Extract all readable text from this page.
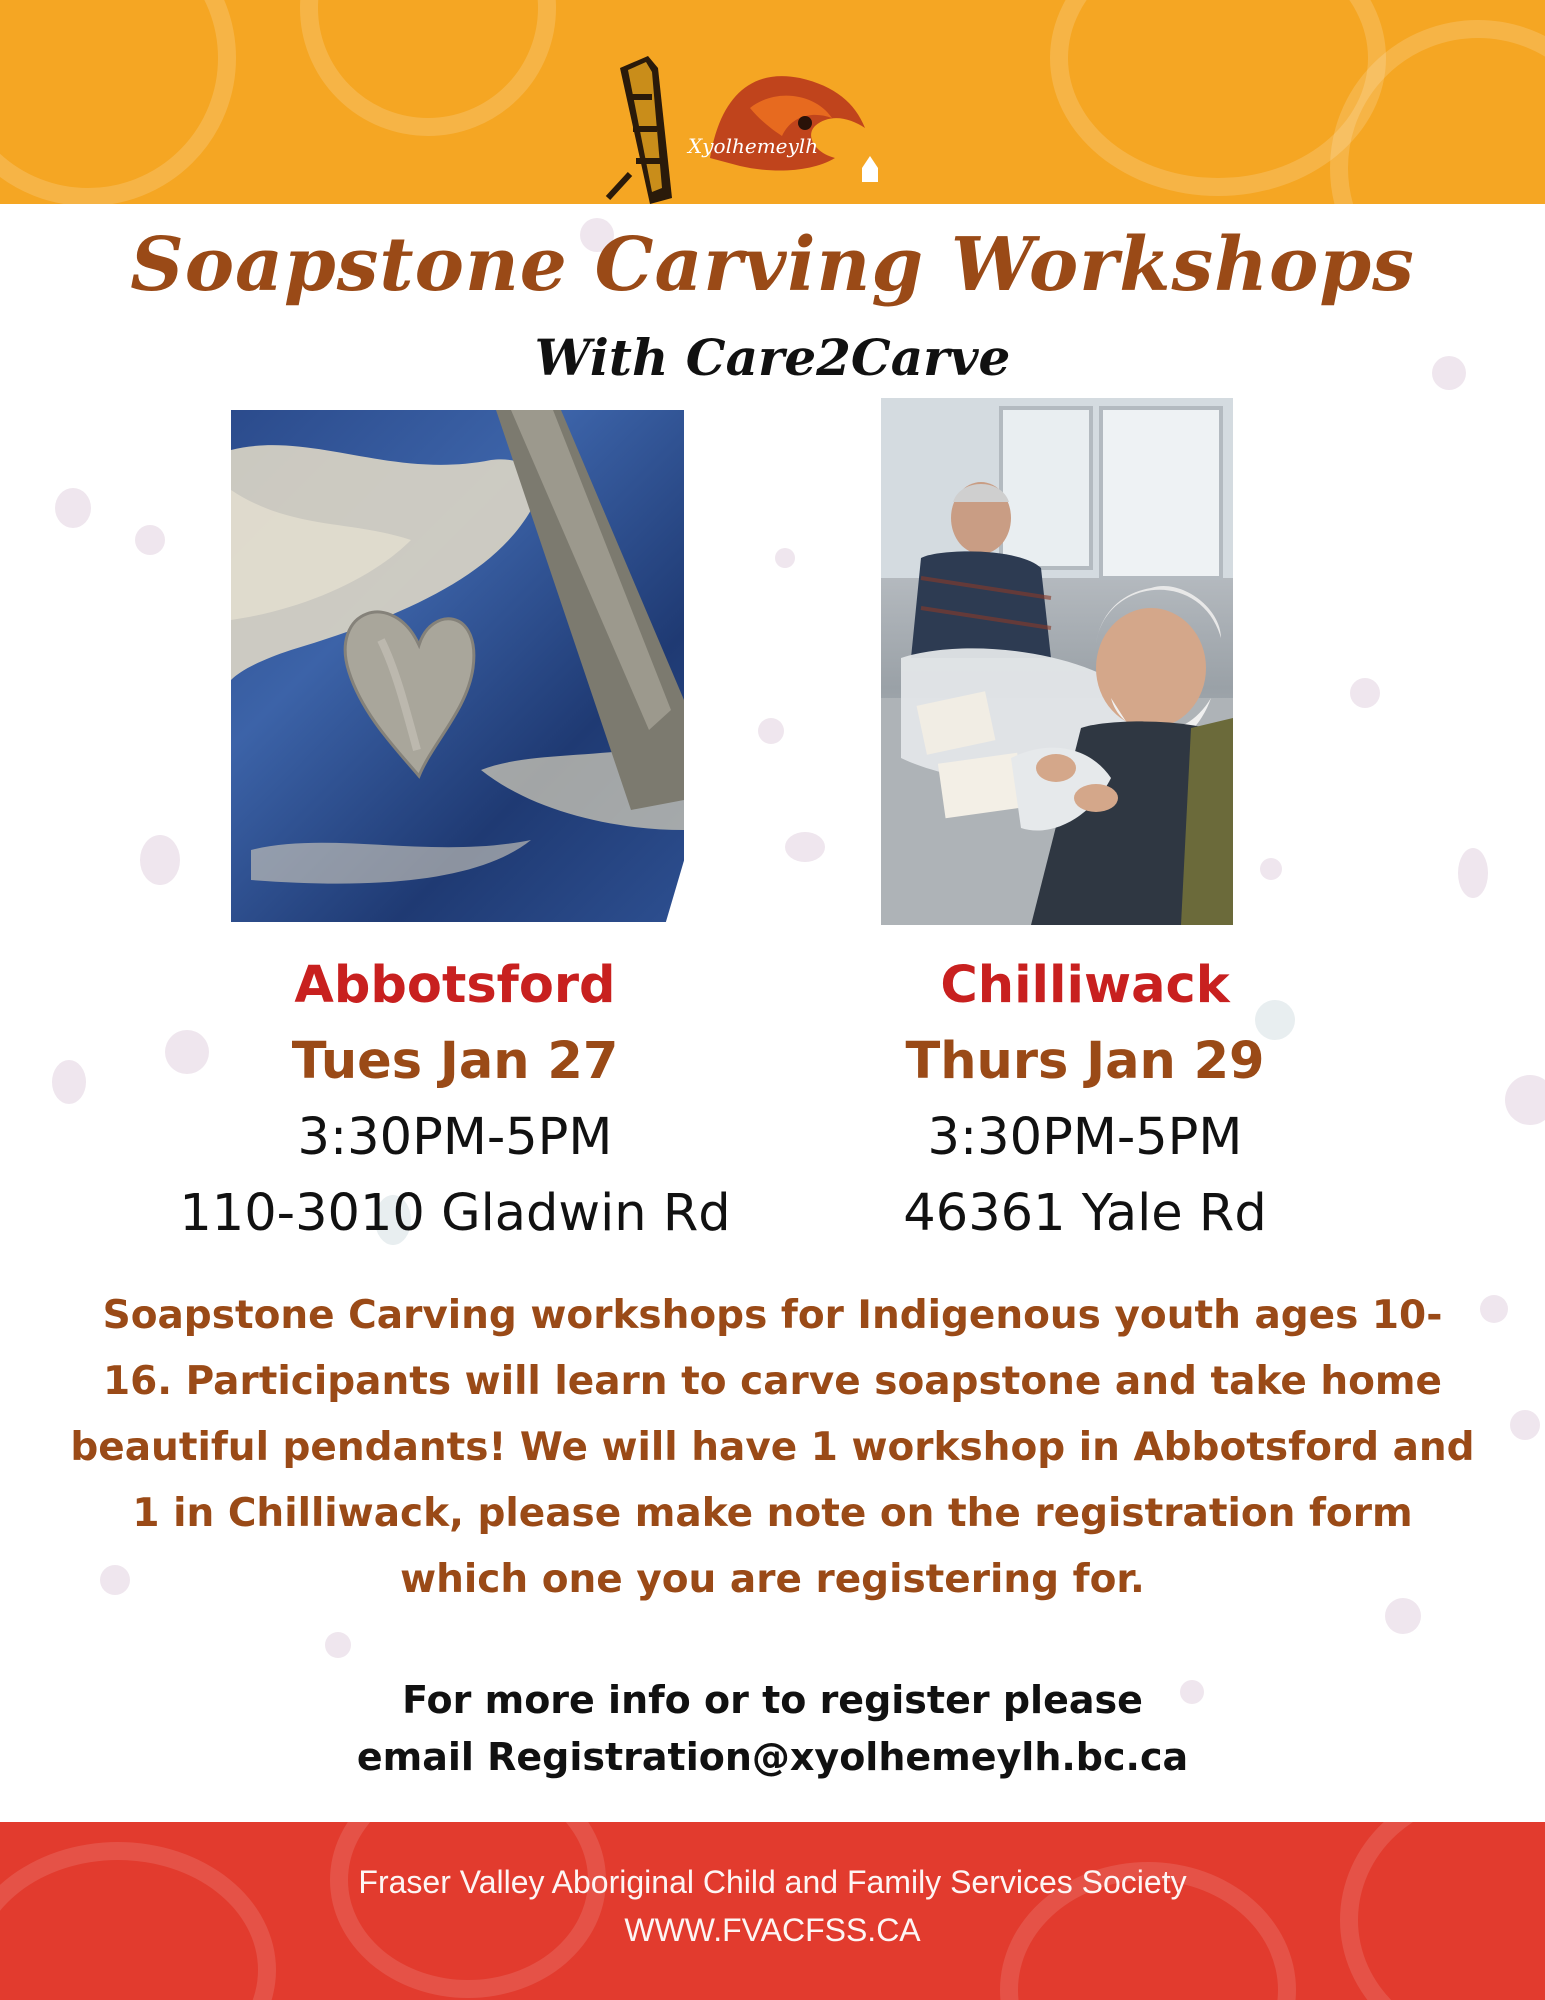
Xyolhemeylh
Soapstone Carving Workshops
With Care2Carve
Abbotsford
Tues Jan 27
3:30PM-5PM
110-3010 Gladwin Rd
Chilliwack
Thurs Jan 29
3:30PM-5PM
46361 Yale Rd
Soapstone Carving workshops for Indigenous youth ages 10-16. Participants will learn to carve soapstone and take home beautiful pendants! We will have 1 workshop in Abbotsford and 1 in Chilliwack, please make note on the registration form which one you are registering for.
For more info or to register please
email Registration@xyolhemeylh.bc.ca
Fraser Valley Aboriginal Child and Family Services Society
WWW.FVACFSS.CA
